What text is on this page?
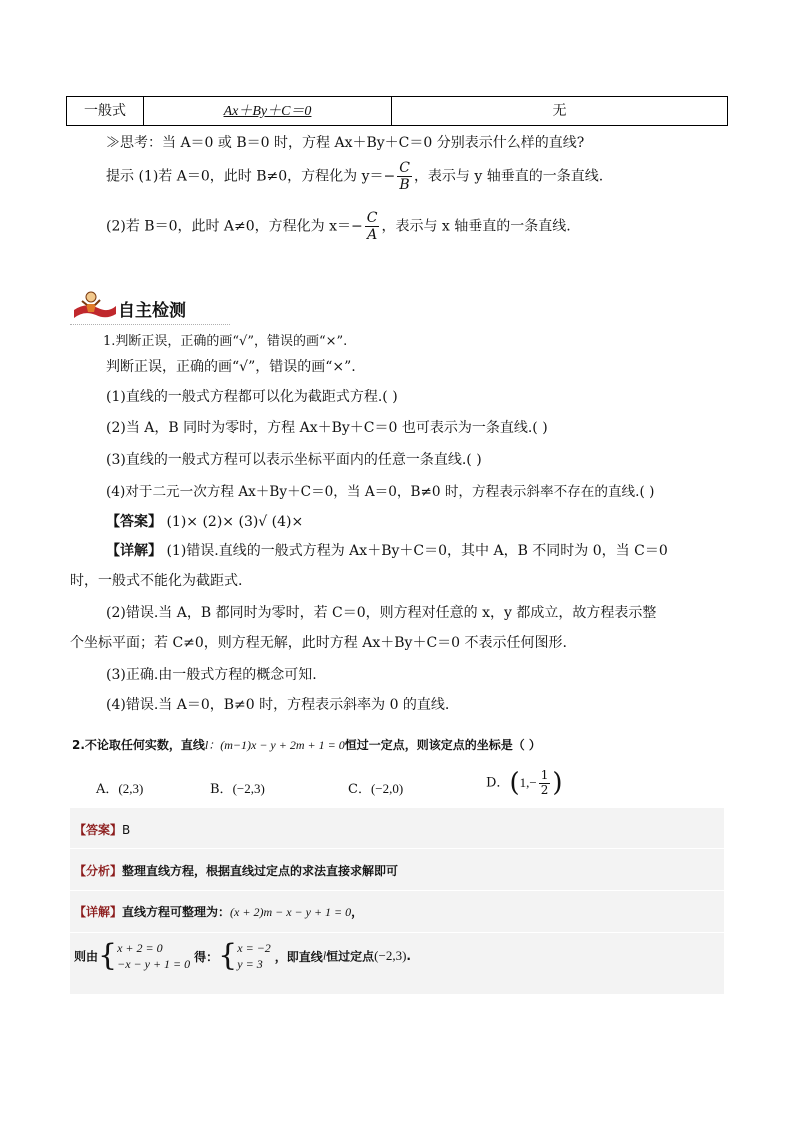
一般式	Ax＋By＋C＝0	无
≫思考：当 A＝0 或 B＝0 时，方程 Ax＋By＋C＝0 分别表示什么样的直线?
提示 (1)若 A＝0，此时 B≠0，方程化为 $y=- \frac{C}{B}$ ，表示与 y 轴垂直的一条直线.
(2)若 B＝0，此时 A≠0，方程化为 $x=- \frac{C}{A}$ ，表示与 x 轴垂直的一条直线.
自主检测
1.判断正误，正确的画“√”，错误的画“×”.
判断正误，正确的画“√”，错误的画“×”.
(1)直线的一般式方程都可以化为截距式方程.( )
(2)当 A，B 同时为零时，方程 Ax＋By＋C＝0 也可表示为一条直线.( )
(3)直线的一般式方程可以表示坐标平面内的任意一条直线.( )
(4)对于二元一次方程 Ax＋By＋C＝0，当 A＝0，B≠0 时，方程表示斜率不存在的直线.( )
【答案】 (1)× (2)× (3)√ (4)×
【详解】 (1)错误.直线的一般式方程为 Ax＋By＋C＝0，其中 A，B 不同时为 0，当 C＝0
时，一般式不能化为截距式.
(2)错误.当 A，B 都同时为零时，若 C＝0，则方程对任意的 x，y 都成立，故方程表示整
个坐标平面；若 C≠0，则方程无解，此时方程 Ax＋By＋C＝0 不表示任何图形.
(3)正确.由一般式方程的概念可知.
(4)错误.当 A＝0，B≠0 时，方程表示斜率为 0 的直线.
2.不论取任何实数，直线l：(m−1)x − y + 2m + 1 = 0恒过一定点，则该定点的坐标是（ ）
A．(2,3)	B．(−2,3)	C．(−2,0)	D．($1,- \frac{1}{2}$ )
【答案】B
【分析】整理直线方程，根据直线过定点的求法直接求解即可
【详解】直线方程可整理为：(x + 2)m − x − y + 1 = 0，
则由{ x + 2 = 0
−x − y + 1 = 0
得：{ x = −2
y = 3
，即直线l恒过定点(−2,3).
